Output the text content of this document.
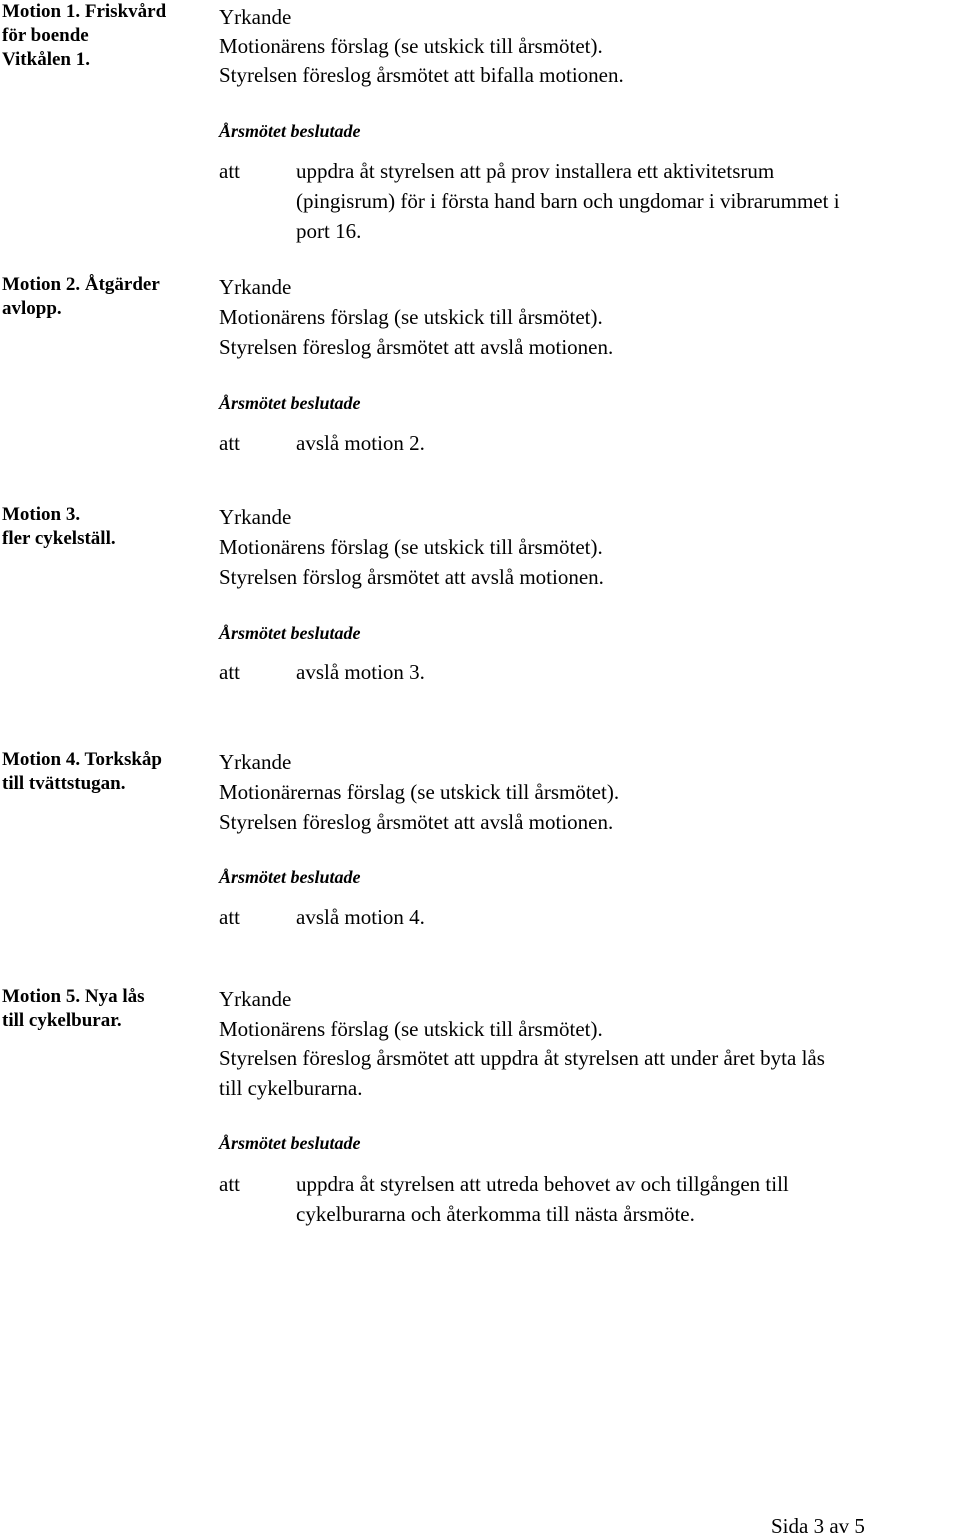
Motion 1. Friskvård
för boende
Vitkålen 1.
Yrkande
Motionärens förslag (se utskick till årsmötet).
Styrelsen föreslog årsmötet att bifalla motionen.
Årsmötet beslutade
att	uppdra åt styrelsen att på prov installera ett aktivitetsrum
(pingisrum) för i första hand barn och ungdomar i vibrarummet i
port 16.
Motion 2. Åtgärder
avlopp.
Yrkande
Motionärens förslag (se utskick till årsmötet).
Styrelsen föreslog årsmötet att avslå motionen.
Årsmötet beslutade
att	avslå motion 2.
Motion 3.
fler cykelställ.
Yrkande
Motionärens förslag (se utskick till årsmötet).
Styrelsen förslog årsmötet att avslå motionen.
Årsmötet beslutade
att	avslå motion 3.
Motion 4. Torkskåp
till tvättstugan.
Yrkande
Motionärernas förslag (se utskick till årsmötet).
Styrelsen föreslog årsmötet att avslå motionen.
Årsmötet beslutade
att	avslå motion 4.
Motion 5. Nya lås
till cykelburar.
Yrkande
Motionärens förslag (se utskick till årsmötet).
Styrelsen föreslog årsmötet att uppdra åt styrelsen att under året byta lås
till cykelburarna.
Årsmötet beslutade
att	uppdra åt styrelsen att utreda behovet av och tillgången till
cykelburarna och återkomma till nästa årsmöte.
Sida 3 av 5
